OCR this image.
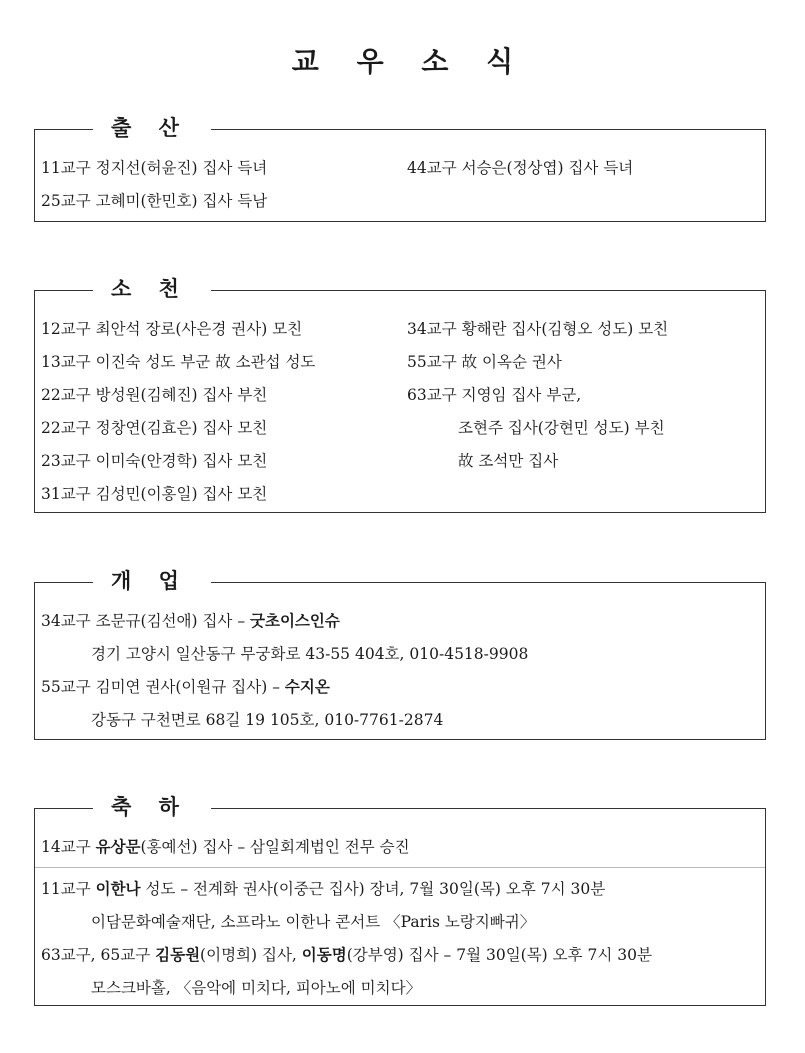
교 우 소 식
출 산
11교구 정지선(허윤진) 집사 득녀
25교구 고혜미(한민호) 집사 득남
44교구 서승은(정상엽) 집사 득녀
소 천
12교구 최안석 장로(사은경 권사) 모친
13교구 이진숙 성도 부군 故 소관섭 성도
22교구 방성원(김혜진) 집사 부친
22교구 정창연(김효은) 집사 모친
23교구 이미숙(안경학) 집사 모친
31교구 김성민(이홍일) 집사 모친
34교구 황해란 집사(김형오 성도) 모친
55교구 故 이옥순 권사
63교구 지영임 집사 부군,
조현주 집사(강현민 성도) 부친
故 조석만 집사
개 업
34교구 조문규(김선애) 집사 – 굿초이스인슈
경기 고양시 일산동구 무궁화로 43-55 404호, 010-4518-9908
55교구 김미연 권사(이원규 집사) – 수지온
강동구 구천면로 68길 19 105호, 010-7761-2874
축 하
14교구 유상문(홍예선) 집사 – 삼일회계법인 전무 승진
11교구 이한나 성도 – 전계화 권사(이중근 집사) 장녀, 7월 30일(목) 오후 7시 30분
이담문화예술재단, 소프라노 이한나 콘서트 〈Paris 노랑지빠귀〉
63교구, 65교구 김동원(이명희) 집사, 이동명(강부영) 집사 – 7월 30일(목) 오후 7시 30분
모스크바홀, 〈음악에 미치다, 피아노에 미치다〉
